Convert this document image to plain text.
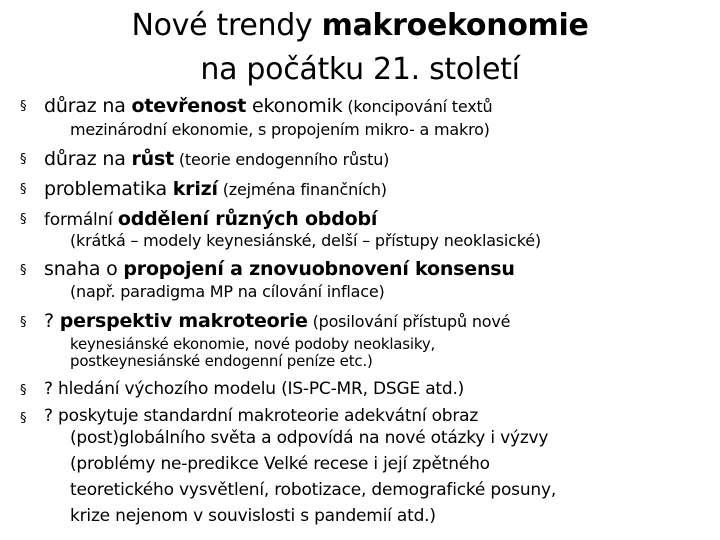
Nové trendy makroekonomie
na počátku 21. století
§ důraz na otevřenost ekonomik (koncipování textů
mezinárodní ekonomie, s propojením mikro- a makro)
§ důraz na růst (teorie endogenního růstu)
§ problematika krizí (zejména finančních)
§ formální oddělení různých období
(krátká – modely keynesiánské, delší – přístupy neoklasické)
§ snaha o propojení a znovuobnovení konsensu
(např. paradigma MP na cílování inflace)
§ ? perspektiv makroteorie (posilování přístupů nové
keynesiánské ekonomie, nové podoby neoklasiky,
postkeynesiánské endogenní peníze etc.)
§ ? hledání výchozího modelu (IS-PC-MR, DSGE atd.)
§ ? poskytuje standardní makroteorie adekvátní obraz
(post)globálního světa a odpovídá na nové otázky i výzvy
(problémy ne-predikce Velké recese i její zpětného
teoretického vysvětlení, robotizace, demografické posuny,
krize nejenom v souvislosti s pandemií atd.)
